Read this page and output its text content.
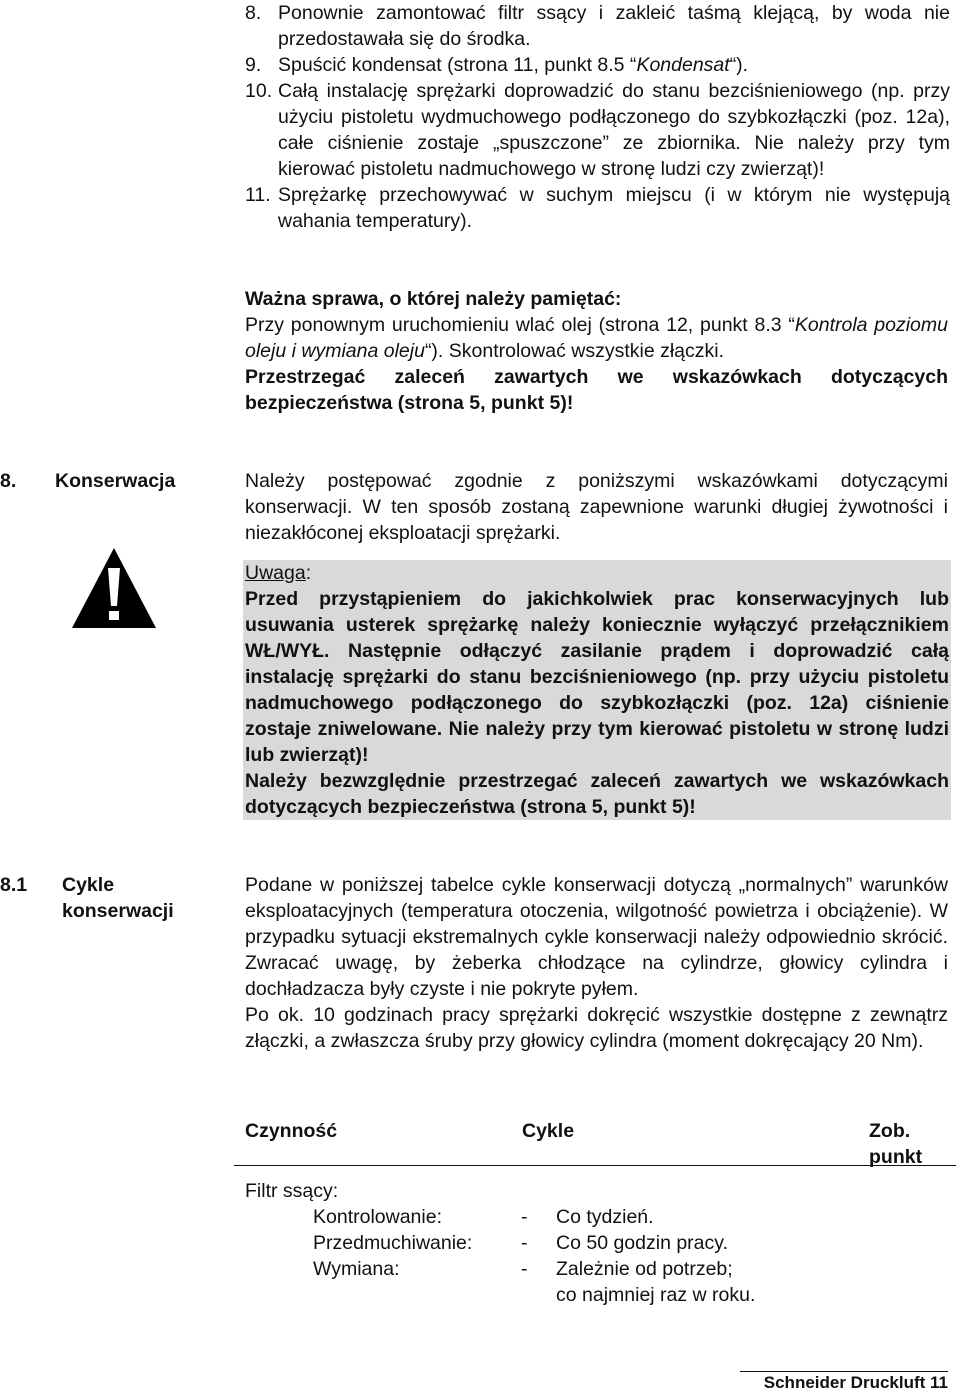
8. Ponownie zamontować filtr ssący i zakleić taśmą klejącą, by woda nie przedostawała się do środka.
9. Spuścić kondensat (strona 11, punkt 8.5 “Kondensat“).
10. Całą instalację sprężarki doprowadzić do stanu bezciśnieniowego (np. przy użyciu pistoletu wydmuchowego podłączonego do szybkozłączki (poz. 12a), całe ciśnienie zostaje „spuszczone” ze zbiornika. Nie należy przy tym kierować pistoletu nadmuchowego w stronę ludzi czy zwierząt)!
11. Sprężarkę przechowywać w suchym miejscu (i w którym nie występują wahania temperatury).
Ważna sprawa, o której należy pamiętać:
Przy ponownym uruchomieniu wlać olej (strona 12, punkt 8.3 “Kontrola poziomu oleju i wymiana oleju“). Skontrolować wszystkie złączki.
Przestrzegać zaleceń zawartych we wskazówkach dotyczących bezpieczeństwa (strona 5, punkt 5)!
8.	Konserwacja	Należy postępować zgodnie z poniższymi wskazówkami dotyczącymi konserwacji. W ten sposób zostaną zapewnione warunki długiej żywotności i niezakłóconej eksploatacji sprężarki.

Uwaga:

Przed przystąpieniem do jakichkolwiek prac konserwacyjnych lub usuwania usterek sprężarkę należy koniecznie wyłączyć przełącznikiem WŁ/WYŁ. Następnie odłączyć zasilanie prądem i doprowadzić całą instalację sprężarki do stanu bezciśnieniowego (np. przy użyciu pistoletu nadmuchowego podłączonego do szybkozłączki (poz. 12a) ciśnienie zostaje zniwelowane. Nie należy przy tym kierować pistoletu w stronę ludzi lub zwierząt)!

Należy bezwzględnie przestrzegać zaleceń zawartych we wskazówkach dotyczących bezpieczeństwa (strona 5, punkt 5)!

8.1	Cykle
konserwacji
Podane w poniższej tabelce cykle konserwacji dotyczą „normalnych” warunków eksploatacyjnych (temperatura otoczenia, wilgotność powietrza i obciążenie). W przypadku sytuacji ekstremalnych cykle konserwacji należy odpowiednio skrócić. Zwracać uwagę, by żeberka chłodzące na cylindrze, głowicy cylindra i dochładzacza były czyste i nie pokryte pyłem.
Po ok. 10 godzinach pracy sprężarki dokręcić wszystkie dostępne z zewnątrz złączki, a zwłaszcza śruby przy głowicy cylindra (moment dokręcający 20 Nm).
Czynność	Cykle	Zob.
punkt
Filtr ssący:
Kontrolowanie:	- Co tydzień.
Przedmuchiwanie: - Co 50 godzin pracy.
Wymiana:	- Zależnie od potrzeb;
co najmniej raz w roku.
Schneider Druckluft 11
